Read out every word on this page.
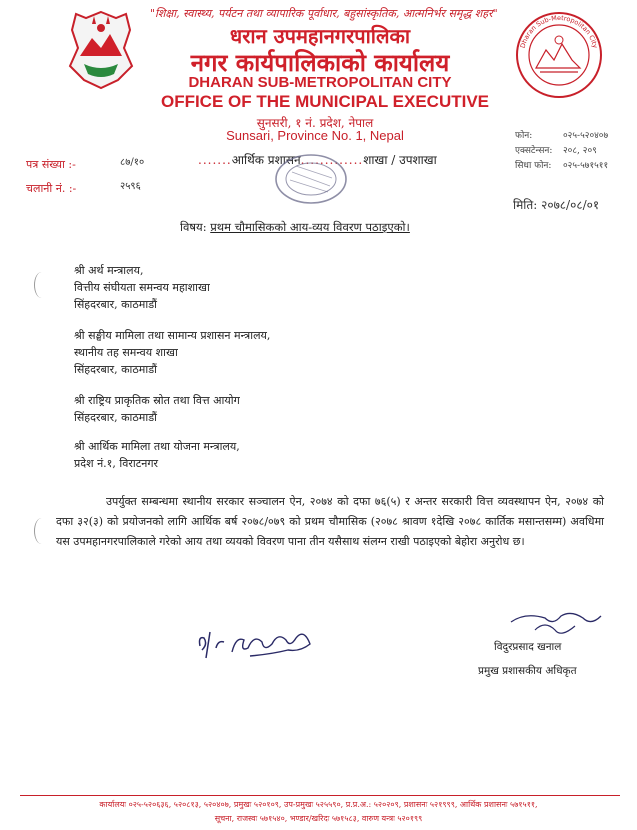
"शिक्षा, स्वास्थ्य, पर्यटन तथा व्यापारिक पूर्वाधार, बहुसांस्कृतिक, आत्मनिर्भर समृद्ध शहर"
धरान उपमहानगरपालिका
नगर कार्यपालिकाको कार्यालय
DHARAN SUB-METROPOLITAN CITY
OFFICE OF THE MUNICIPAL EXECUTIVE
सुनसरी, १ नं. प्रदेश, नेपाल
Sunsari, Province No. 1, Nepal
Dharan Sub-Metropolitan City
फोन:	०२५-५२०४०७
एक्सटेन्सन: २०८, २०९
सिधा फोन: ०२५-५७१५११
पत्र संख्या :-	८७/१०
चलानी नं. :-	२५९६
.......आर्थिक प्रशासन.............शाखा / उपशाखा
मिति: २०७८/०८/०१
विषय: प्रथम चौमासिकको आय-व्यय विवरण पठाइएको।
श्री अर्थ मन्त्रालय,
वित्तीय संघीयता समन्वय महाशाखा
सिंहदरबार, काठमाडौं
श्री सङ्घीय मामिला तथा सामान्य प्रशासन मन्त्रालय,
स्थानीय तह समन्वय शाखा
सिंहदरबार, काठमाडौं
श्री राष्ट्रिय प्राकृतिक स्रोत तथा वित्त आयोग
सिंहदरबार, काठमाडौं
श्री आर्थिक मामिला तथा योजना मन्त्रालय,
प्रदेश नं.१, विराटनगर
उपर्युक्त सम्बन्धमा स्थानीय सरकार सञ्चालन ऐन, २०७४ को दफा ७६(५) र अन्तर सरकारी वित्त व्यवस्थापन ऐन, २०७४ को दफा ३२(३) को प्रयोजनको लागि आर्थिक बर्ष २०७८/०७९ को प्रथम चौमासिक (२०७८ श्रावण १देखि २०७८ कार्तिक मसान्तसम्म) अवधिमा यस उपमहानगरपालिकाले गरेको आय तथा व्ययको विवरण पाना तीन यसैसाथ संलग्न राखी पठाइएको बेहोरा अनुरोध छ।
विदुरप्रसाद खनाल
प्रमुख प्रशासकीय अधिकृत
कार्यालयः ०२५-५२०६३६, ५२०८१३, ५२०४०७, प्रमुखः ५२०१०९, उप-प्रमुखः ५२५५९०, प्र.प्र.अ.: ५२०२०९, प्रशासनः ५२१९९९, आर्थिक प्रशासनः ५७१५११,
सूचना, राजस्वः ५७१५४०, भण्डार/खरिदः ५७१५८३, वारुण यन्त्रः ५२०१९९
